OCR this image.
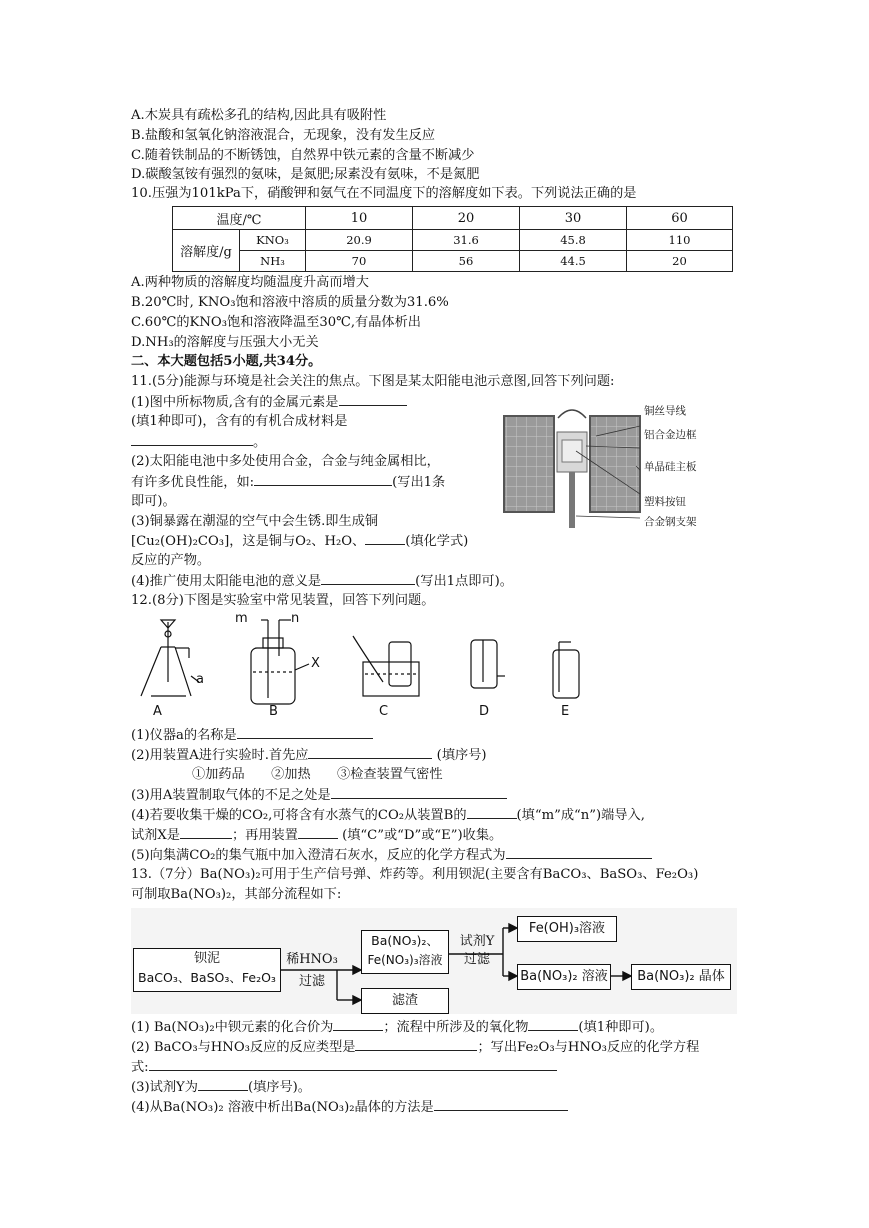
A.木炭具有疏松多孔的结构,因此具有吸附性
B.盐酸和氢氧化钠溶液混合，无现象，没有发生反应
C.随着铁制品的不断锈蚀，自然界中铁元素的含量不断减少
D.碳酸氢铵有强烈的氨味，是氮肥;尿素没有氨味，不是氮肥
10.压强为101kPa下，硝酸钾和氨气在不同温度下的溶解度如下表。下列说法正确的是
温度/℃		10	20	30	60
溶解度/g	KNO₃	20.9	31.6	45.8	110
	NH₃	70	56	44.5	20
A.两种物质的溶解度均随温度升高而增大
B.20℃时, KNO₃饱和溶液中溶质的质量分数为31.6%
C.60℃的KNO₃饱和溶液降温至30℃,有晶体析出
D.NH₃的溶解度与压强大小无关
二、本大题包括5小题,共34分。
11.(5分)能源与环境是社会关注的焦点。下图是某太阳能电池示意图,回答下列问题:
(1)图中所标物质,含有的金属元素是
(填1种即可)，含有的有机合成材料是
。
(2)太阳能电池中多处使用合金，合金与纯金属相比，
有许多优良性能，如:	(写出1条
即可)。
(3)铜暴露在潮湿的空气中会生锈.即生成铜
[Cu₂(OH)₂CO₃]，这是铜与O₂、H₂O、	(填化学式)
反应的产物。
(4)推广使用太阳能电池的意义是	(写出1点即可)。
铜丝导线
铝合金边框
单晶硅主板
塑料按钮
合金钢支架
12.(8分)下图是实验室中常见装置，回答下列问题。
a
m	n
X
A	B	C	D	E
(1)仪器a的名称是
(2)用装置A进行实验时.首先应	(填序号)
①加药品　　②加热　　③检查装置气密性
(3)用A装置制取气体的不足之处是
(4)若要收集干燥的CO₂,可将含有水蒸气的CO₂从装置B的	(填“m”成“n”)端导入,
试剂X是	；再用装置	(填“C”或“D”或“E”)收集。
(5)向集满CO₂的集气瓶中加入澄清石灰水，反应的化学方程式为
13.（7分）Ba(NO₃)₂可用于生产信号弹、炸药等。利用钡泥(主要含有BaCO₃、BaSO₃、Fe₂O₃)
可制取Ba(NO₃)₂，其部分流程如下:
钡泥
BaCO₃、BaSO₃、Fe₂O₃
稀HNO₃
过滤
Ba(NO₃)₂、
Fe(NO₃)₃溶液
滤渣
试剂Y
过滤
Fe(OH)₃溶液
Ba(NO₃)₂ 溶液	Ba(NO₃)₂ 晶体
(1) Ba(NO₃)₂中钡元素的化合价为	；流程中所涉及的氧化物	(填1种即可)。
(2) BaCO₃与HNO₃反应的反应类型是	；写出Fe₂O₃与HNO₃反应的化学方程
式:
(3)试剂Y为	(填序号)。
(4)从Ba(NO₃)₂ 溶液中析出Ba(NO₃)₂晶体的方法是
